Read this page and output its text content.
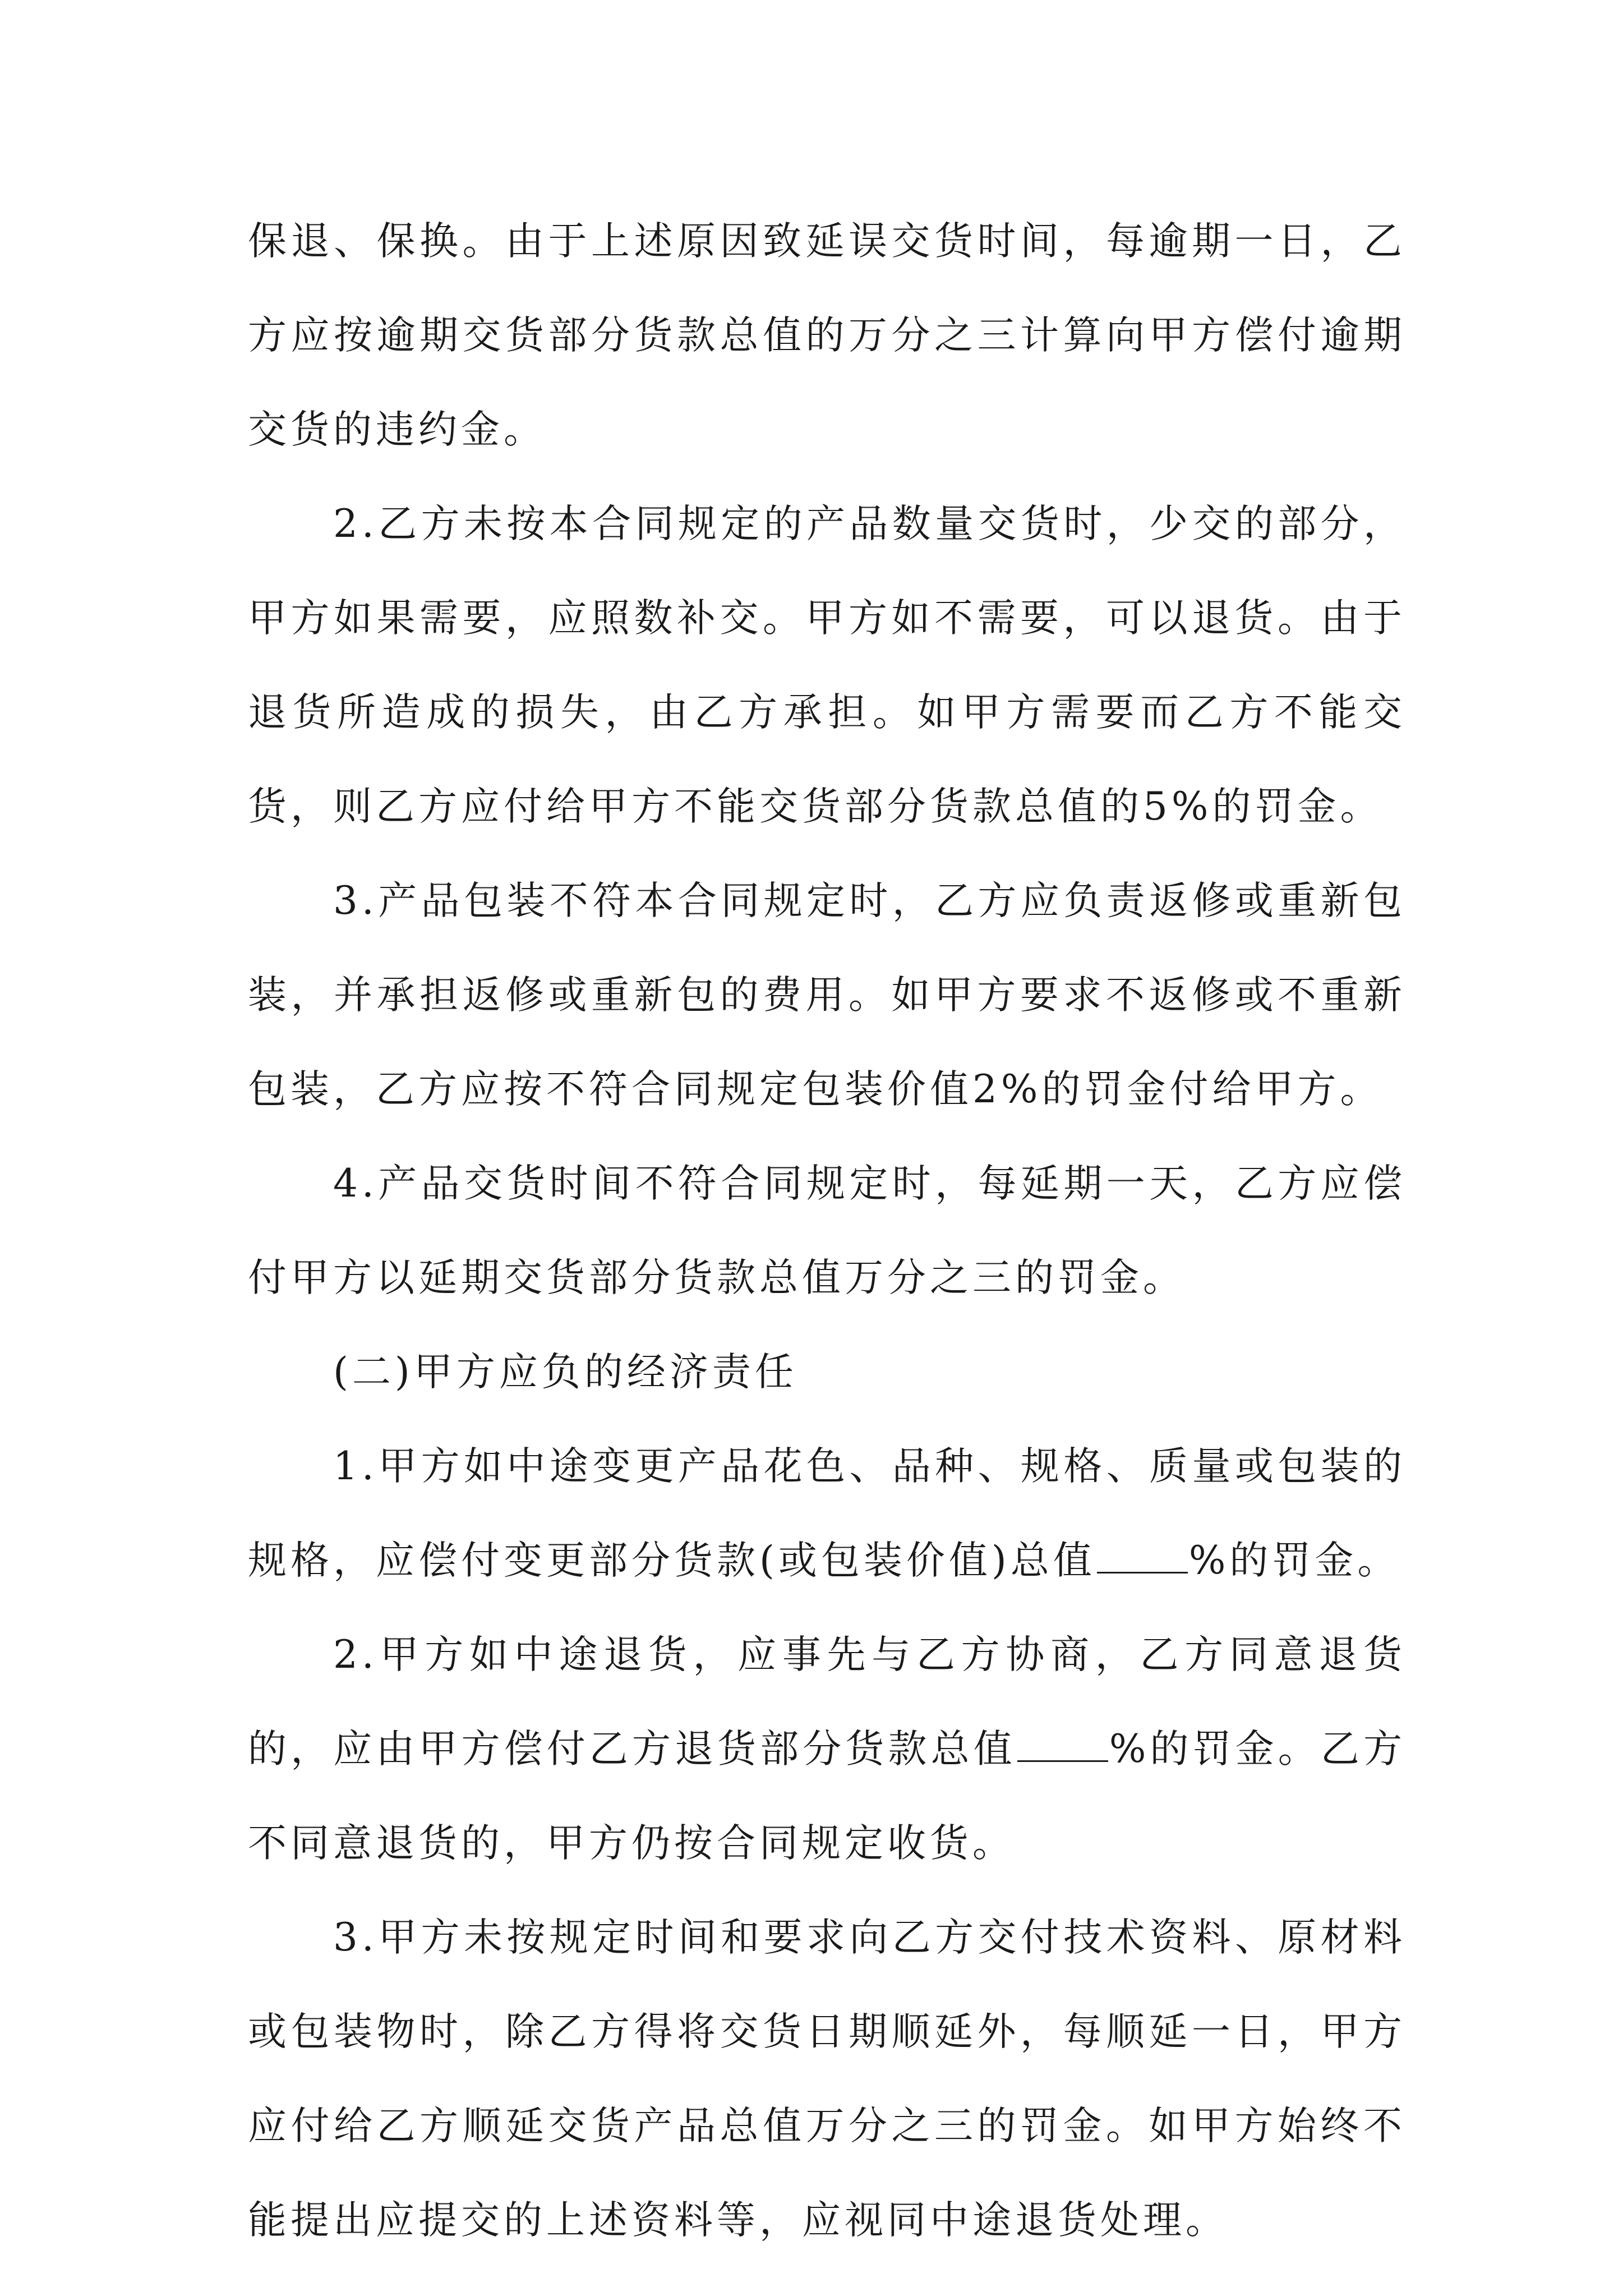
保退、保换。由于上述原因致延误交货时间，每逾期一日，乙方应按逾期交货部分货款总值的万分之三计算向甲方偿付逾期交货的违约金。

2.乙方未按本合同规定的产品数量交货时，少交的部分，甲方如果需要，应照数补交。甲方如不需要，可以退货。由于退货所造成的损失，由乙方承担。如甲方需要而乙方不能交货，则乙方应付给甲方不能交货部分货款总值的5%的罚金。

3.产品包装不符本合同规定时，乙方应负责返修或重新包装，并承担返修或重新包的费用。如甲方要求不返修或不重新包装，乙方应按不符合同规定包装价值2%的罚金付给甲方。

4.产品交货时间不符合同规定时，每延期一天，乙方应偿付甲方以延期交货部分货款总值万分之三的罚金。

(二)甲方应负的经济责任

1.甲方如中途变更产品花色、品种、规格、质量或包装的规格，应偿付变更部分货款(或包装价值)总值 %的罚金。

2.甲方如中途退货，应事先与乙方协商，乙方同意退货的，应由甲方偿付乙方退货部分货款总值 %的罚金。乙方不同意退货的，甲方仍按合同规定收货。

3.甲方未按规定时间和要求向乙方交付技术资料、原材料或包装物时，除乙方得将交货日期顺延外，每顺延一日，甲方应付给乙方顺延交货产品总值万分之三的罚金。如甲方始终不能提出应提交的上述资料等，应视同中途退货处理。
